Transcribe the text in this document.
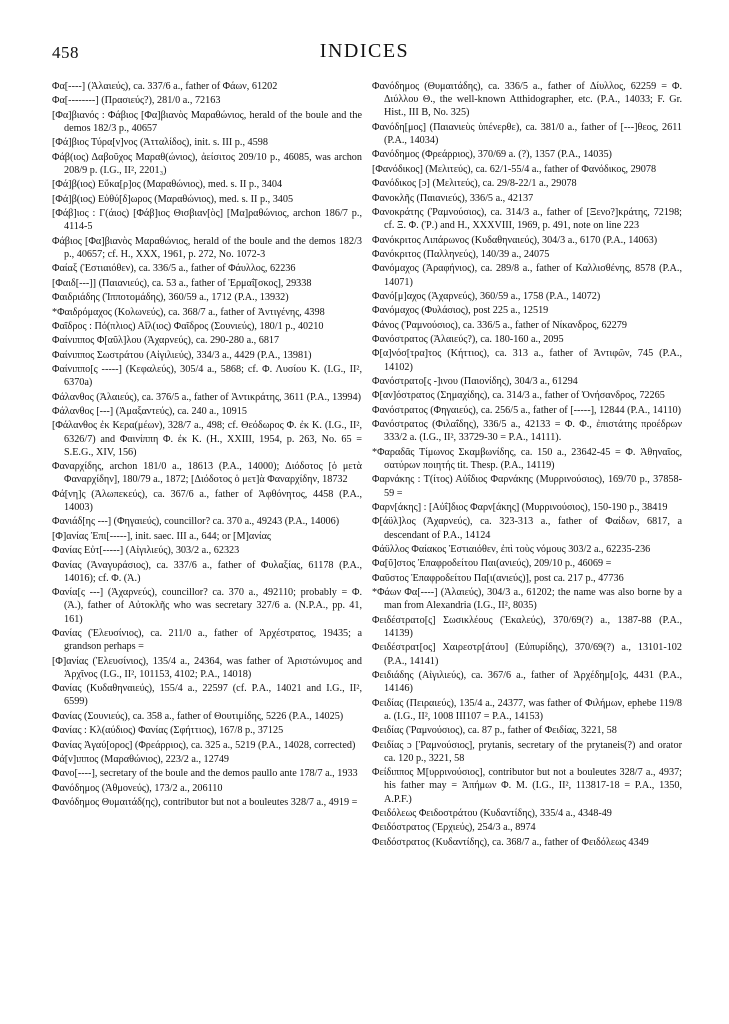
458	INDICES

Φα[----] (Ἁλαιεύς), ca. 337/6 a., father of Φάων, 61202

Φα[--------] (Πρασιεύς?), 281/0 a., 72163

[Φα]βιανός : Φάβιος [Φα]βιανὸς Μαραθώνιος, herald of the boule and the demos 182/3 p., 40657

[Φά]βιος Τύρα[ν]νος (Ἀτταλίδος), init. s. III p., 4598

Φάβ(ιος) Δαβοῦχος Μαραθ(ώνιος), ἀείσιτος 209/10 p., 46085, was archon 208/9 p. (I.G., II², 2201₃)

[Φά]β(ιος) Εὔκα[ρ]ος (Μαραθώνιος), med. s. II p., 3404

[Φά]β(ιος) Εὐθύ[δ]ωρος (Μαραθώνιος), med. s. II p., 3405

[Φάβ]ιος : Γ(άιος) [Φάβ]ιος Θισβιαν[ὸς] [Μα]ραθώνιος, archon 186/7 p., 4114-5

Φάβιος [Φα]βιανὸς Μαραθώνιος, herald of the boule and the demos 182/3 p., 40657; cf. H., XXX, 1961, p. 272, No. 1072-3

Φαίαξ (Ἑστιαιόθεν), ca. 336/5 a., father of Φάυλλος, 62236

[Φαιδ[---]] (Παιανιεύς), ca. 53 a., father of Ἑρμαΐ[σκος], 29338

Φαιδριάδης (Ἱπποτομάδης), 360/59 a., 1712 (P.A., 13932)

*Φαιδρόμαχος (Κολωνεύς), ca. 368/7 a., father of Ἀντιγένης, 4398

Φαῖδρος : Πό(πλιος) Αἴλ(ιος) Φαῖδρος (Σουνιεύς), 180/1 p., 40210

Φαίνιππος Φ[αῦλ]λου (Ἀχαρνεύς), ca. 290-280 a., 6817

Φαίνιππος Σωστράτου (Αἰγιλιεύς), 334/3 a., 4429 (P.A., 13981)

Φαίνιππο[ς -----] (Κεφαλεύς), 305/4 a., 5868; cf. Φ. Λυσίου Κ. (I.G., II², 6370a)

Φάλανθος (Ἀλαιεύς), ca. 376/5 a., father of Ἀντικράτης, 3611 (P.A., 13994)

Φάλανθος [---] (Ἀμαξαντεύς), ca. 240 a., 10915

[Φάλανθος ἐκ Κερα(μέων), 328/7 a., 498; cf. Θεόδωρος Φ. ἐκ Κ. (I.G., II², 6326/7) and Φαινίππη Φ. ἐκ Κ. (H., XXIII, 1954, p. 263, No. 65 = S.E.G., XIV, 156)

Φαναρχίδης, archon 181/0 a., 18613 (P.A., 14000); Διόδοτος [ὁ μετὰ Φαναρχίδην], 180/79 a., 1872; [Διόδοτος ὁ μετ]ὰ Φαναρχίδην, 18732

Φά[νη]ς (Ἀλωπεκεύς), ca. 367/6 a., father of Ἀφθόνητος, 4458 (P.A., 14003)

Φανιάδ[ης ---] (Φηγαιεύς), councillor? ca. 370 a., 49243 (P.A., 14006)

[Φ]ανίας Ἐπι[-----], init. saec. III a., 644; or [Μ]ανίας

Φανίας Εὐτ[-----] (Αἰγιλιεύς), 303/2 a., 62323

Φανίας (Ἀναγυράσιος), ca. 337/6 a., father of Φυλαξίας, 61178 (P.A., 14016); cf. Φ. (Ἀ.)

Φανία[ς ---] (Ἀχαρνεύς), councillor? ca. 370 a., 492110; probably = Φ. (Ἀ.), father of Αὐτοκλῆς who was secretary 327/6 a. (N.P.A., pp. 41, 161)

Φανίας (Ἐλευσίνιος), ca. 211/0 a., father of Ἀρχέστρατος, 19435; a grandson perhaps =

[Φ]ανίας (Ἐλευσίνιος), 135/4 a., 24364, was father of Ἀριστώνυμος and Ἀρχῖνος (I.G., II², 101153, 4102; P.A., 14018)

Φανίας (Κυδαθηναιεύς), 155/4 a., 22597 (cf. P.A., 14021 and I.G., II², 6599)

Φανίας (Σουνιεύς), ca. 358 a., father of Θουτιμίδης, 5226 (P.A., 14025)

Φανίας : Κλ(αύδιος) Φανίας (Σφήττιος), 167/8 p., 37125

Φανίας Ἀγαύ[ορος] (Φρεάρριος), ca. 325 a., 5219 (P.A., 14028, corrected)

Φά[ν]ιππος (Μαραθώνιος), 223/2 a., 12749

Φανο[----], secretary of the boule and the demos paullo ante 178/7 a., 1933

Φανόδημος (Ἀθμονεύς), 173/2 a., 206110

Φανόδημος Θυμαιτάδ(ης), contributor but not a bouleutes 328/7 a., 4919 =

Φανόδημος (Θυμαιτάδης), ca. 336/5 a., father of Δίυλλος, 62259 = Φ. Διύλλου Θ., the well-known Atthidographer, etc. (P.A., 14033; F. Gr. Hist., III B, No. 325)

Φανόδη[μος] (Παιανιεὺς ὑπένερθε), ca. 381/0 a., father of [---]θεος, 2611 (P.A., 14034)

Φανόδημος (Φρεάρριος), 370/69 a. (?), 1357 (P.A., 14035)

[Φανόδικος] (Μελιτεύς), ca. 62/1-55/4 a., father of Φανόδικος, 29078

Φανόδικος [ɔ] (Μελιτεύς), ca. 29/8-22/1 a., 29078

Φανοκλῆς (Παιανιεύς), 336/5 a., 42137

Φανοκράτης (Ῥαμνούσιος), ca. 314/3 a., father of [Ξενο?]κράτης, 72198; cf. Ξ. Φ. (Ῥ.) and H., XXXVIII, 1969, p. 491, note on line 223

Φανόκριτος Λιπάρωνος (Κυδαθηναιεύς), 304/3 a., 6170 (P.A., 14063)

Φανόκριτος (Παλληνεύς), 140/39 a., 24075

Φανόμαχος (Ἀραφήνιος), ca. 289/8 a., father of Καλλισθένης, 8578 (P.A., 14071)

Φανό[μ]αχος (Ἀχαρνεύς), 360/59 a., 1758 (P.A., 14072)

Φανόμαχος (Φυλάσιος), post 225 a., 12519

Φάνος (Ῥαμνούσιος), ca. 336/5 a., father of Νίκανδρος, 62279

Φανόστρατος (Ἁλαιεύς?), ca. 180-160 a., 2095

Φ[α]νόσ[τρα]τος (Κήττιος), ca. 313 a., father of Ἀντιφῶν, 745 (P.A., 14102)

Φανόστρατο[ς -]ινου (Παιονίδης), 304/3 a., 61294

Φ[αν]όστρατος (Σημαχίδης), ca. 314/3 a., father of Ὀνήσανδρος, 72265

Φανόστρατος (Φηγαιεύς), ca. 256/5 a., father of [-----], 12844 (P.A., 14110)

Φανόστρατος (Φιλαΐδης), 336/5 a., 42133 = Φ. Φ., ἐπιστάτης προέδρων 333/2 a. (I.G., II², 33729-30 = P.A., 14111).

*Φαραδᾶς Τίμωνος Σκαμβωνίδης, ca. 150 a., 23642-45 = Φ. Ἀθηναῖος, σατύρων ποιητής tit. Thesp. (P.A., 14119)

Φαρνάκης : Τ(ίτος) Αὐΐδιος Φαρνάκης (Μυρρινούσιος), 169/70 p., 37858-59 =

Φαρν[άκης] : [Αὐΐ]διος Φαρν[άκης] (Μυρρινούσιος), 150-190 p., 38419

Φ[άϋλ]λος (Ἀχαρνεύς), ca. 323-313 a., father of Φαίδων, 6817, a descendant of P.A., 14124

Φάϋλλος Φαίακος Ἑστιαιόθεν, ἐπὶ τοὺς νόμους 303/2 a., 62235-236

Φα[ῦ]στος Ἐπαφροδείτου Παι(ανιεύς), 209/10 p., 46069 =

Φαῦστος Ἐπαφροδείτου Πα[ι(ανιεύς)], post ca. 217 p., 47736

*Φάων Φα[----] (Ἁλαιεύς), 304/3 a., 61202; the name was also borne by a man from Alexandria (I.G., II², 8035)

Φειδέστρατο[ς] Σωσικλέους (Ἐκαλεύς), 370/69(?) a., 1387-88 (P.A., 14139)

Φειδέστρατ[ος] Χαιρεστρ[άτου] (Εὐπυρίδης), 370/69(?) a., 13101-102 (P.A., 14141)

Φειδιάδης (Αἰγιλιεύς), ca. 367/6 a., father of Ἀρχέδημ[ο]ς, 4431 (P.A., 14146)

Φειδίας (Πειραιεύς), 135/4 a., 24377, was father of Φιλήμων, ephebe 119/8 a. (I.G., II², 1008 III107 = P.A., 14153)

Φειδίας (Ῥαμνούσιος), ca. 87 p., father of Φειδίας, 3221, 58

Φειδίας ɔ [Ῥαμνούσιος], prytanis, secretary of the prytaneis(?) and orator ca. 120 p., 3221, 58

Φείδιππος Μ[υρρινούσιος], contributor but not a bouleutes 328/7 a., 4937; his father may = Ἀπήμων Φ. Μ. (I.G., II², 113817-18 = P.A., 1350, A.P.F.)

Φειδόλεως Φειδοστράτου (Κυδαντίδης), 335/4 a., 4348-49

Φειδόστρατος (Ἐρχιεύς), 254/3 a., 8974

Φειδόστρατος (Κυδαντίδης), ca. 368/7 a., father of Φειδόλεως 4349
